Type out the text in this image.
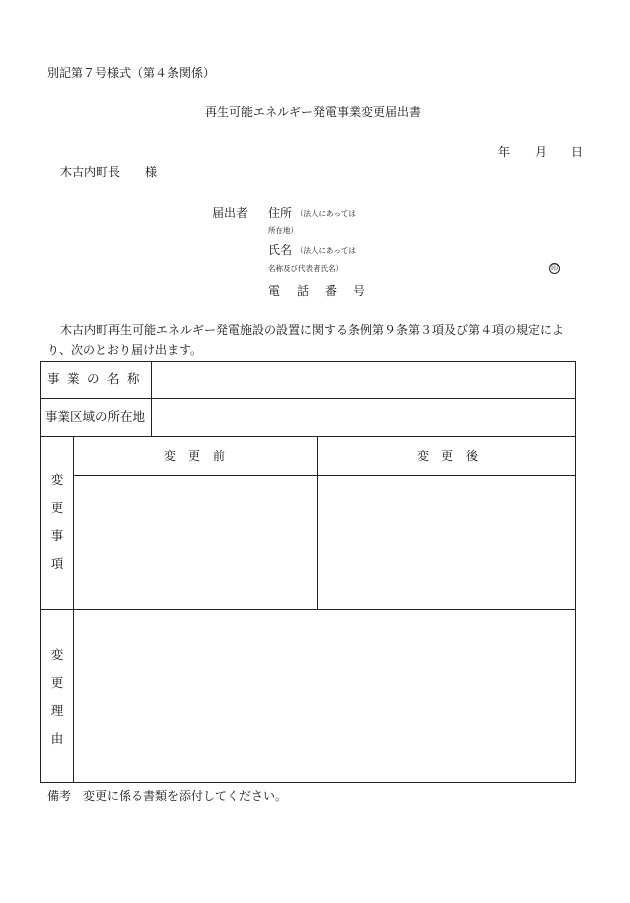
別記第７号様式（第４条関係）
再生可能エネルギー発電事業変更届出書
年 月 日
木古内町長 様
届出者 住所 （法人にあっては
所在地）
氏名 （法人にあっては
名称及び代表者氏名）	印
電 話 番 号
木古内町再生可能エネルギー発電施設の設置に関する条例第９条第３項及び第４項の規定によ
り、次のとおり届け出ます。
事 業 の 名 称
事業区域の所在地
変 更 前	変 更 後
変
更
事
項
変
更
理
由
備考　変更に係る書類を添付してください。
